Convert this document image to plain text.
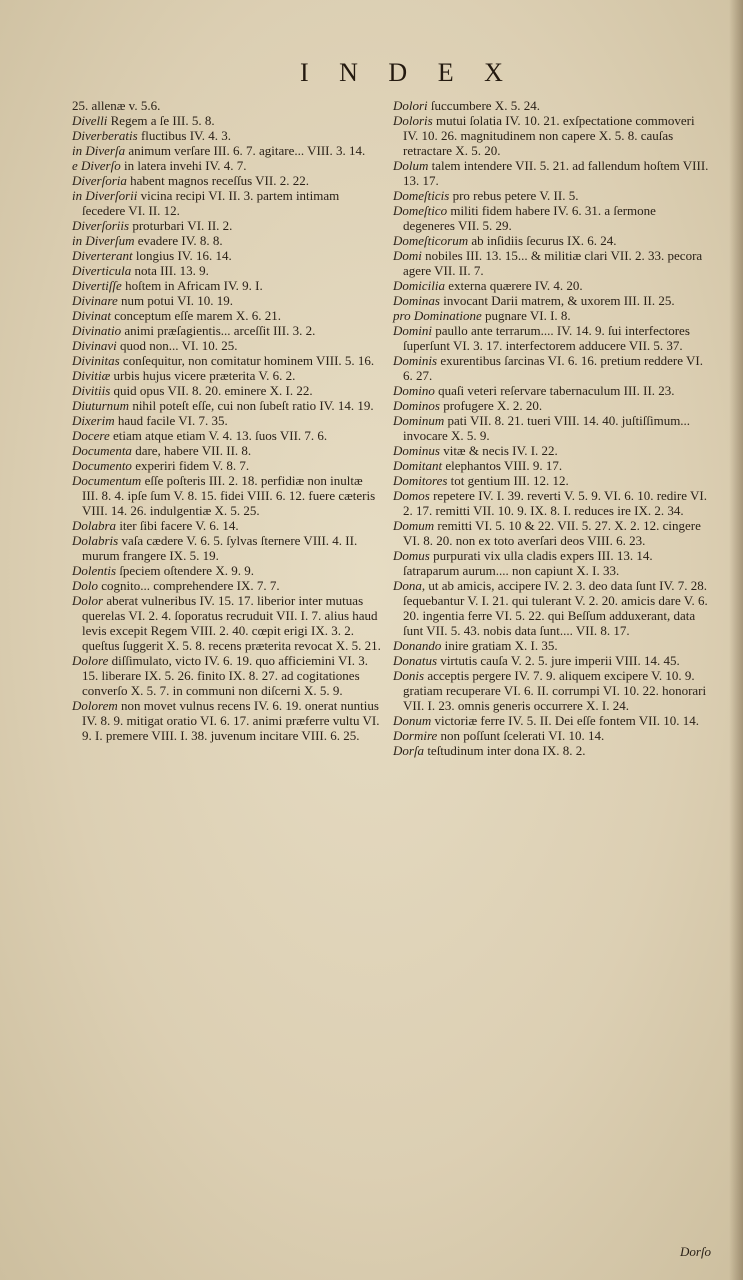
I N D E X

25. allenæ v. 5.6.

Divelli Regem a ſe III. 5. 8.

Diverberatis fluctibus IV. 4. 3.

in Diverſa animum verſare III. 6. 7. agitare... VIII. 3. 14.

e Diverſo in latera invehi IV. 4. 7.

Diverſoria habent magnos receſſus VII. 2. 22.

in Diverſorii vicina recipi VI. II. 3. partem intimam ſecedere VI. II. 12.

Diverſoriis proturbari VI. II. 2.

in Diverſum evadere IV. 8. 8.

Diverterant longius IV. 16. 14.

Diverticula nota III. 13. 9.

Divertiſſe hoſtem in Africam IV. 9. I.

Divinare num potui VI. 10. 19.

Divinat conceptum eſſe marem X. 6. 21.

Divinatio animi præſagientis... arceſſit III. 3. 2.

Divinavi quod non... VI. 10. 25.

Divinitas conſequitur, non comitatur hominem VIII. 5. 16.

Divitiæ urbis hujus vicere præterita V. 6. 2.

Divitiis quid opus VII. 8. 20. eminere X. I. 22.

Diuturnum nihil poteſt eſſe, cui non ſubeſt ratio IV. 14. 19.

Dixerim haud facile VI. 7. 35.

Docere etiam atque etiam V. 4. 13. ſuos VII. 7. 6.

Documenta dare, habere VII. II. 8.

Documento experiri fidem V. 8. 7.

Documentum eſſe poſteris III. 2. 18. perfidiæ non inultæ III. 8. 4. ipſe ſum V. 8. 15. fidei VIII. 6. 12. fuere cæteris VIII. 14. 26. indulgentiæ X. 5. 25.

Dolabra iter ſibi facere V. 6. 14.

Dolabris vaſa cædere V. 6. 5. ſylvas ſternere VIII. 4. II. murum frangere IX. 5. 19.

Dolentis ſpeciem oſtendere X. 9. 9.

Dolo cognito... comprehendere IX. 7. 7.

Dolor aberat vulneribus IV. 15. 17. liberior inter mutuas querelas VI. 2. 4. ſoporatus recruduit VII. I. 7. alius haud levis excepit Regem VIII. 2. 40. cœpit erigi IX. 3. 2. queſtus ſuggerit X. 5. 8. recens præterita revocat X. 5. 21.

Dolore diſſimulato, victo IV. 6. 19. quo afficiemini VI. 3. 15. liberare IX. 5. 26. finito IX. 8. 27. ad cogitationes converſo X. 5. 7. in communi non diſcerni X. 5. 9.

Dolorem non movet vulnus recens IV. 6. 19. onerat nuntius IV. 8. 9. mitigat oratio VI. 6. 17. animi præferre vultu VI. 9. I. premere VIII. I. 38. juvenum incitare VIII. 6. 25.

Dolori ſuccumbere X. 5. 24.

Doloris mutui ſolatia IV. 10. 21. exſpectatione commoveri IV. 10. 26. magnitudinem non capere X. 5. 8. cauſas retractare X. 5. 20.

Dolum talem intendere VII. 5. 21. ad fallendum hoſtem VIII. 13. 17.

Domeſticis pro rebus petere V. II. 5.

Domeſtico militi fidem habere IV. 6. 31. a ſermone degeneres VII. 5. 29.

Domeſticorum ab inſidiis ſecurus IX. 6. 24.

Domi nobiles III. 13. 15... & militiæ clari VII. 2. 33. pecora agere VII. II. 7.

Domicilia externa quærere IV. 4. 20.

Dominas invocant Darii matrem, & uxorem III. II. 25.

pro Dominatione pugnare VI. I. 8.

Domini paullo ante terrarum.... IV. 14. 9. ſui interfectores ſuperſunt VI. 3. 17. interfectorem adducere VII. 5. 37.

Dominis exurentibus ſarcinas VI. 6. 16. pretium reddere VI. 6. 27.

Domino quaſi veteri reſervare tabernaculum III. II. 23.

Dominos profugere X. 2. 20.

Dominum pati VII. 8. 21. tueri VIII. 14. 40. juſtiſſimum... invocare X. 5. 9.

Dominus vitæ & necis IV. I. 22.

Domitant elephantos VIII. 9. 17.

Domitores tot gentium III. 12. 12.

Domos repetere IV. I. 39. reverti V. 5. 9. VI. 6. 10. redire VI. 2. 17. remitti VII. 10. 9. IX. 8. I. reduces ire IX. 2. 34.

Domum remitti VI. 5. 10 & 22. VII. 5. 27. X. 2. 12. cingere VI. 8. 20. non ex toto averſari deos VIII. 6. 23.

Domus purpurati vix ulla cladis expers III. 13. 14. ſatraparum aurum.... non capiunt X. I. 33.

Dona, ut ab amicis, accipere IV. 2. 3. deo data ſunt IV. 7. 28. ſequebantur V. I. 21. qui tulerant V. 2. 20. amicis dare V. 6. 20. ingentia ferre VI. 5. 22. qui Beſſum adduxerant, data ſunt VII. 5. 43. nobis data ſunt.... VII. 8. 17.

Donando inire gratiam X. I. 35.

Donatus virtutis cauſa V. 2. 5. jure imperii VIII. 14. 45.

Donis acceptis pergere IV. 7. 9. aliquem excipere V. 10. 9. gratiam recuperare VI. 6. II. corrumpi VI. 10. 22. honorari VII. I. 23. omnis generis occurrere X. I. 24.

Donum victoriæ ferre IV. 5. II. Dei eſſe fontem VII. 10. 14.

Dormire non poſſunt ſcelerati VI. 10. 14.

Dorſa teſtudinum inter dona IX. 8. 2.

Dorſo
